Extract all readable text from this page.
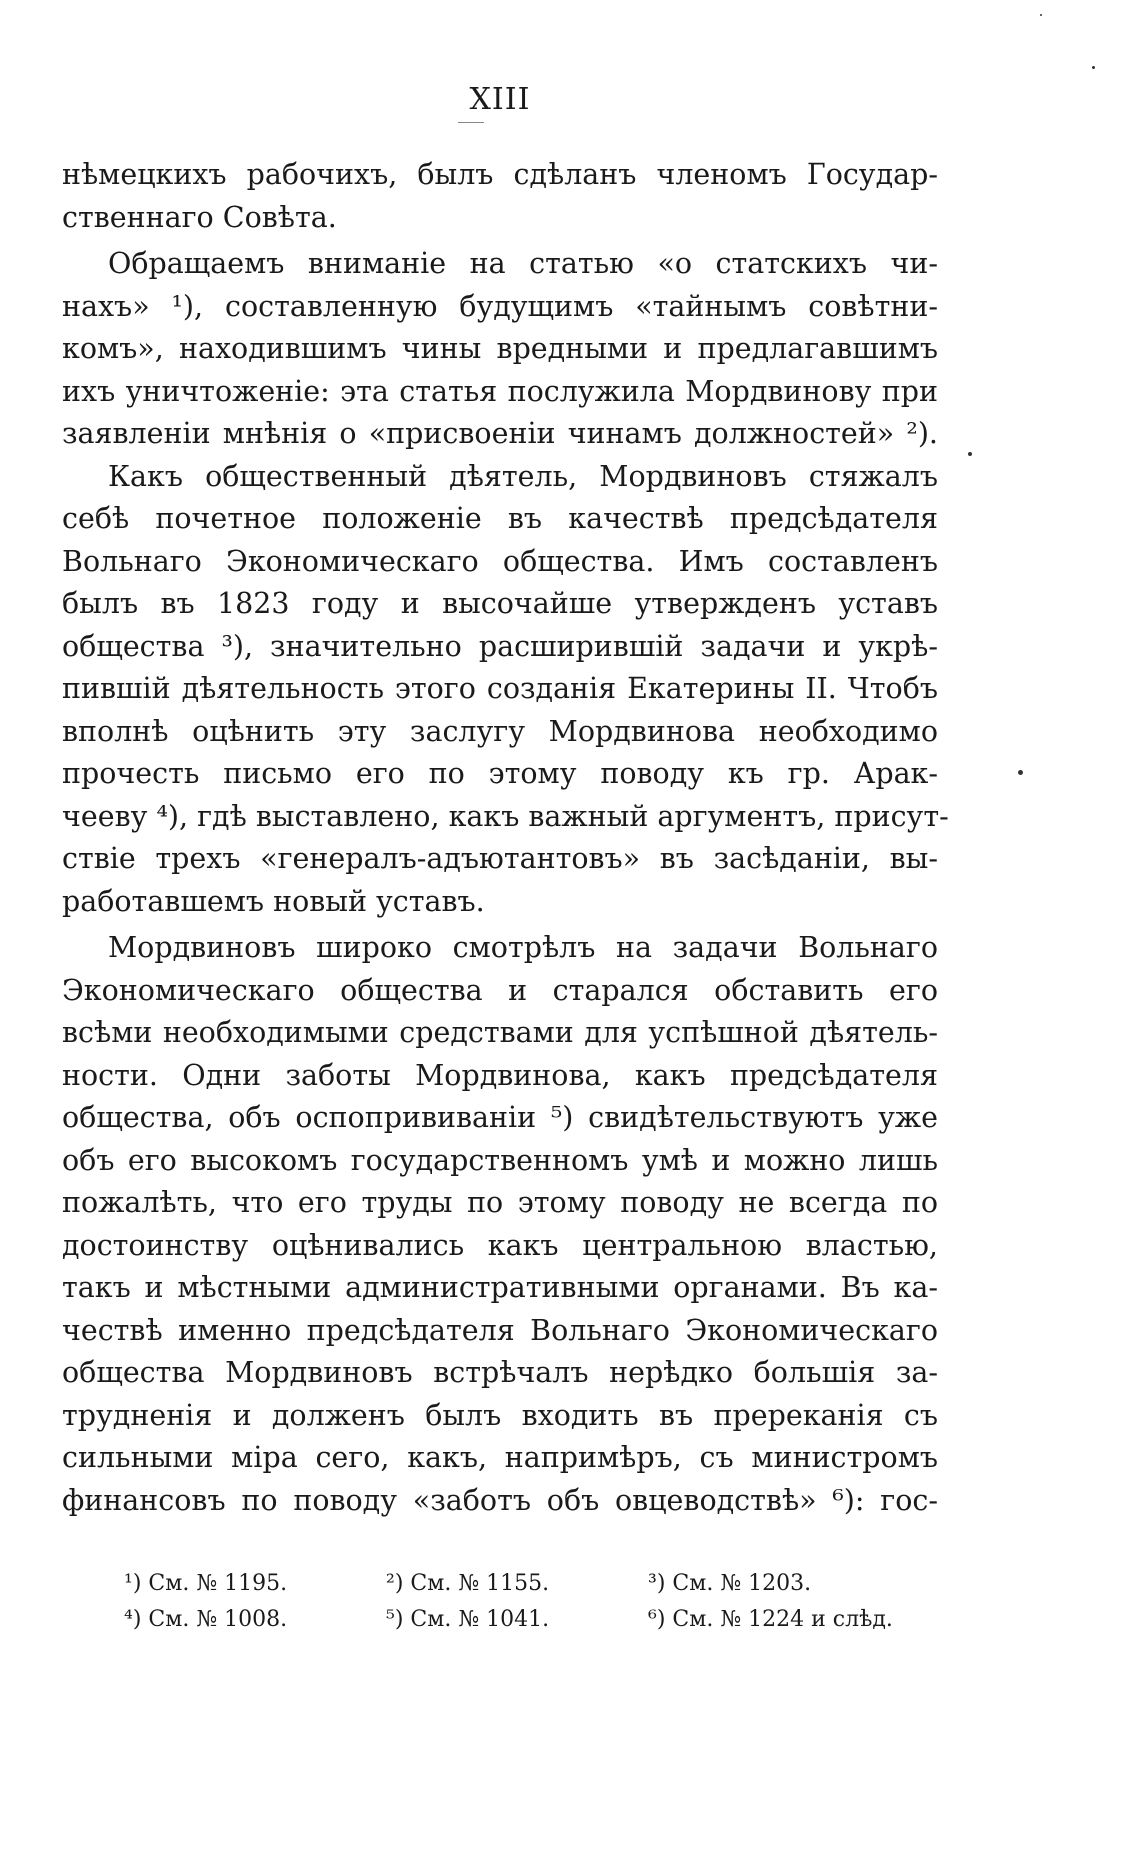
XIII
нѣмецкихъ рабочихъ, былъ сдѣланъ членомъ Государ-
ственнаго Совѣта.
Обращаемъ вниманіе на статью «о статскихъ чи-
нахъ» ¹), составленную будущимъ «тайнымъ совѣтни-
комъ», находившимъ чины вредными и предлагавшимъ
ихъ уничтоженіе: эта статья послужила Мордвинову при
заявленіи мнѣнія о «присвоеніи чинамъ должностей» ²).
Какъ общественный дѣятель, Мордвиновъ стяжалъ
себѣ почетное положеніе въ качествѣ предсѣдателя
Вольнаго Экономическаго общества. Имъ составленъ
былъ въ 1823 году и высочайше утвержденъ уставъ
общества ³), значительно расширившій задачи и укрѣ-
пившій дѣятельность этого созданія Екатерины II. Чтобъ
вполнѣ оцѣнить эту заслугу Мордвинова необходимо
прочесть письмо его по этому поводу къ гр. Арак-
чееву ⁴), гдѣ выставлено, какъ важный аргументъ, присут-
ствіе трехъ «генералъ-адъютантовъ» въ засѣданіи, вы-
работавшемъ новый уставъ.
Мордвиновъ широко смотрѣлъ на задачи Вольнаго
Экономическаго общества и старался обставить его
всѣми необходимыми средствами для успѣшной дѣятель-
ности. Одни заботы Мордвинова, какъ предсѣдателя
общества, объ оспопрививаніи ⁵) свидѣтельствуютъ уже
объ его высокомъ государственномъ умѣ и можно лишь
пожалѣть, что его труды по этому поводу не всегда по
достоинству оцѣнивались какъ центральною властью,
такъ и мѣстными административными органами. Въ ка-
чествѣ именно предсѣдателя Вольнаго Экономическаго
общества Мордвиновъ встрѣчалъ нерѣдко большія за-
трудненія и долженъ былъ входить въ пререканія съ
сильными міра сего, какъ, напримѣръ, съ министромъ
финансовъ по поводу «заботъ объ овцеводствѣ» ⁶): гос-
¹) См. № 1195.	²) См. № 1155.	³) См. № 1203.
⁴) См. № 1008.	⁵) См. № 1041.	⁶) См. № 1224 и слѣд.
